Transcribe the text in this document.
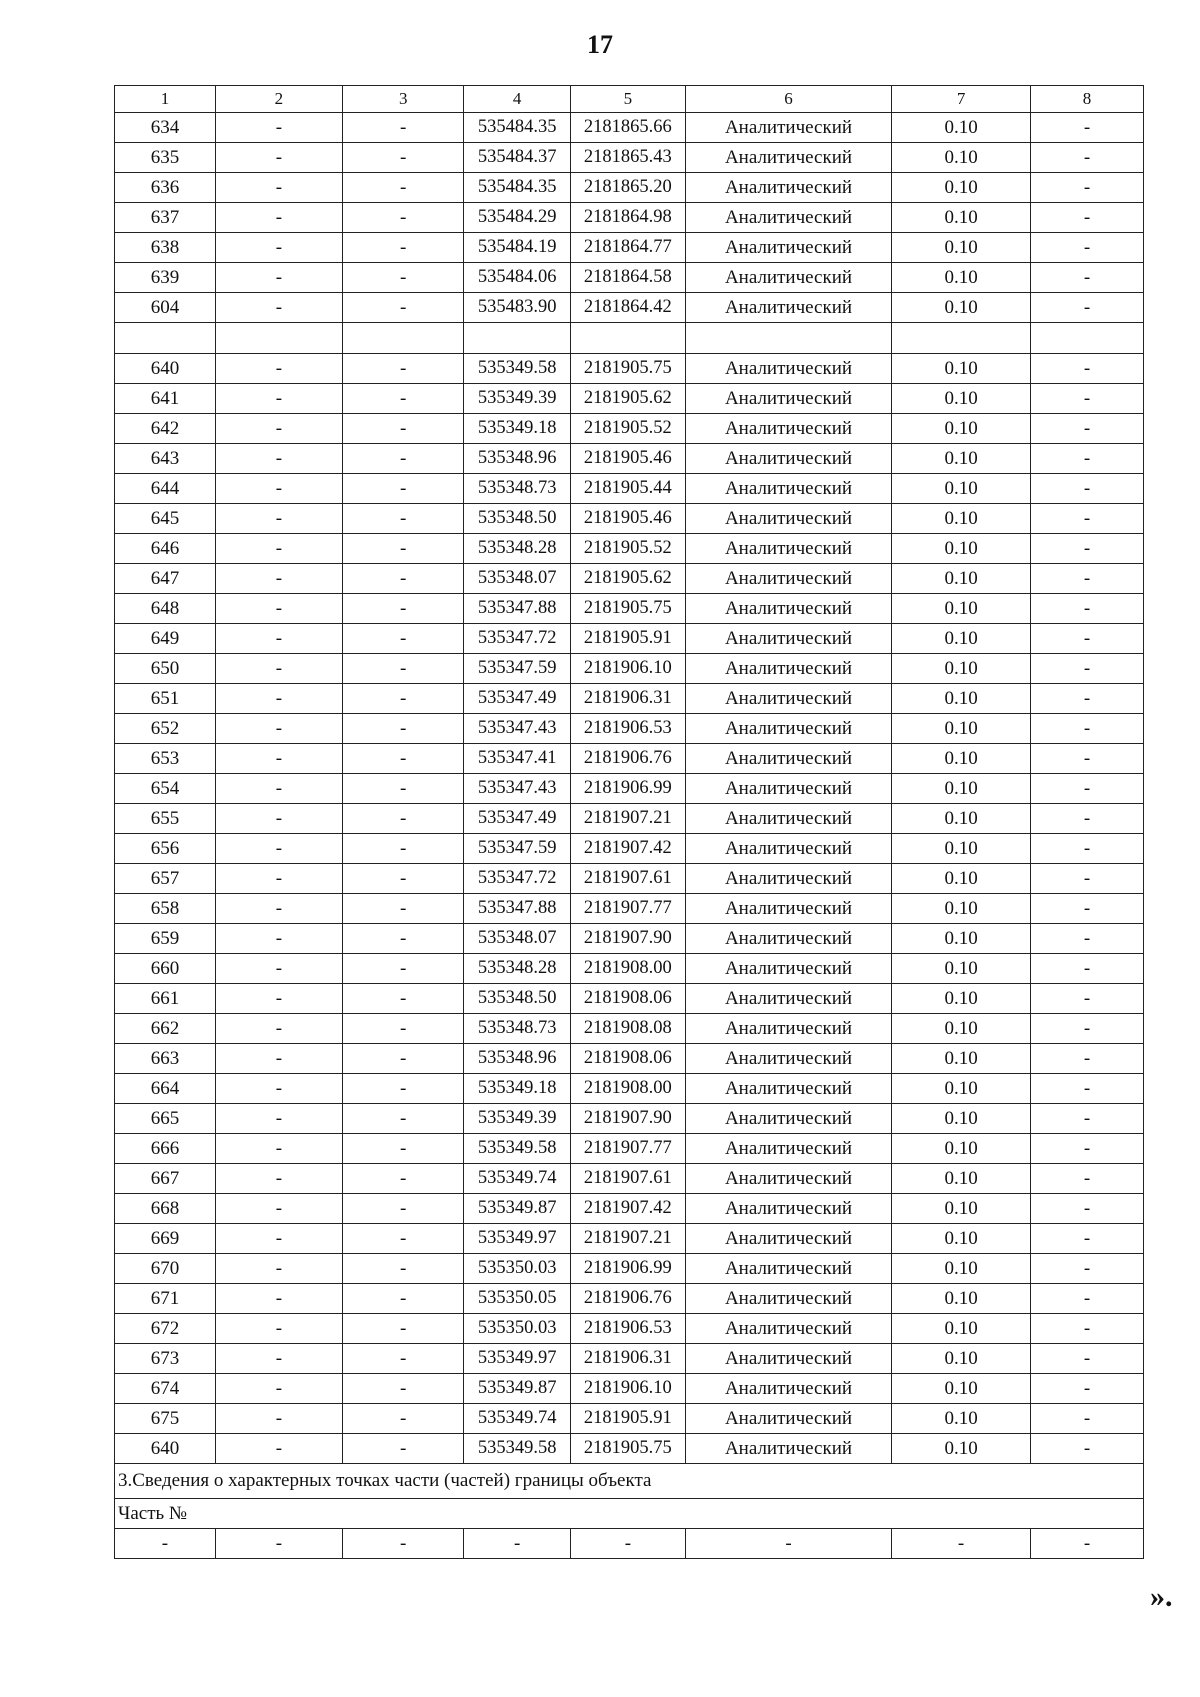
17
1	2	3	4	5	6	7	8
634	-	-	535484.35	2181865.66	Аналитический	0.10	-
635	-	-	535484.37	2181865.43	Аналитический	0.10	-
636	-	-	535484.35	2181865.20	Аналитический	0.10	-
637	-	-	535484.29	2181864.98	Аналитический	0.10	-
638	-	-	535484.19	2181864.77	Аналитический	0.10	-
639	-	-	535484.06	2181864.58	Аналитический	0.10	-
604	-	-	535483.90	2181864.42	Аналитический	0.10	-

640	-	-	535349.58	2181905.75	Аналитический	0.10	-
641	-	-	535349.39	2181905.62	Аналитический	0.10	-
642	-	-	535349.18	2181905.52	Аналитический	0.10	-
643	-	-	535348.96	2181905.46	Аналитический	0.10	-
644	-	-	535348.73	2181905.44	Аналитический	0.10	-
645	-	-	535348.50	2181905.46	Аналитический	0.10	-
646	-	-	535348.28	2181905.52	Аналитический	0.10	-
647	-	-	535348.07	2181905.62	Аналитический	0.10	-
648	-	-	535347.88	2181905.75	Аналитический	0.10	-
649	-	-	535347.72	2181905.91	Аналитический	0.10	-
650	-	-	535347.59	2181906.10	Аналитический	0.10	-
651	-	-	535347.49	2181906.31	Аналитический	0.10	-
652	-	-	535347.43	2181906.53	Аналитический	0.10	-
653	-	-	535347.41	2181906.76	Аналитический	0.10	-
654	-	-	535347.43	2181906.99	Аналитический	0.10	-
655	-	-	535347.49	2181907.21	Аналитический	0.10	-
656	-	-	535347.59	2181907.42	Аналитический	0.10	-
657	-	-	535347.72	2181907.61	Аналитический	0.10	-
658	-	-	535347.88	2181907.77	Аналитический	0.10	-
659	-	-	535348.07	2181907.90	Аналитический	0.10	-
660	-	-	535348.28	2181908.00	Аналитический	0.10	-
661	-	-	535348.50	2181908.06	Аналитический	0.10	-
662	-	-	535348.73	2181908.08	Аналитический	0.10	-
663	-	-	535348.96	2181908.06	Аналитический	0.10	-
664	-	-	535349.18	2181908.00	Аналитический	0.10	-
665	-	-	535349.39	2181907.90	Аналитический	0.10	-
666	-	-	535349.58	2181907.77	Аналитический	0.10	-
667	-	-	535349.74	2181907.61	Аналитический	0.10	-
668	-	-	535349.87	2181907.42	Аналитический	0.10	-
669	-	-	535349.97	2181907.21	Аналитический	0.10	-
670	-	-	535350.03	2181906.99	Аналитический	0.10	-
671	-	-	535350.05	2181906.76	Аналитический	0.10	-
672	-	-	535350.03	2181906.53	Аналитический	0.10	-
673	-	-	535349.97	2181906.31	Аналитический	0.10	-
674	-	-	535349.87	2181906.10	Аналитический	0.10	-
675	-	-	535349.74	2181905.91	Аналитический	0.10	-
640	-	-	535349.58	2181905.75	Аналитический	0.10	-
3.Сведения о характерных точках части (частей) границы объекта							
Часть №							
-	-	-	-	-	-	-	-
».
